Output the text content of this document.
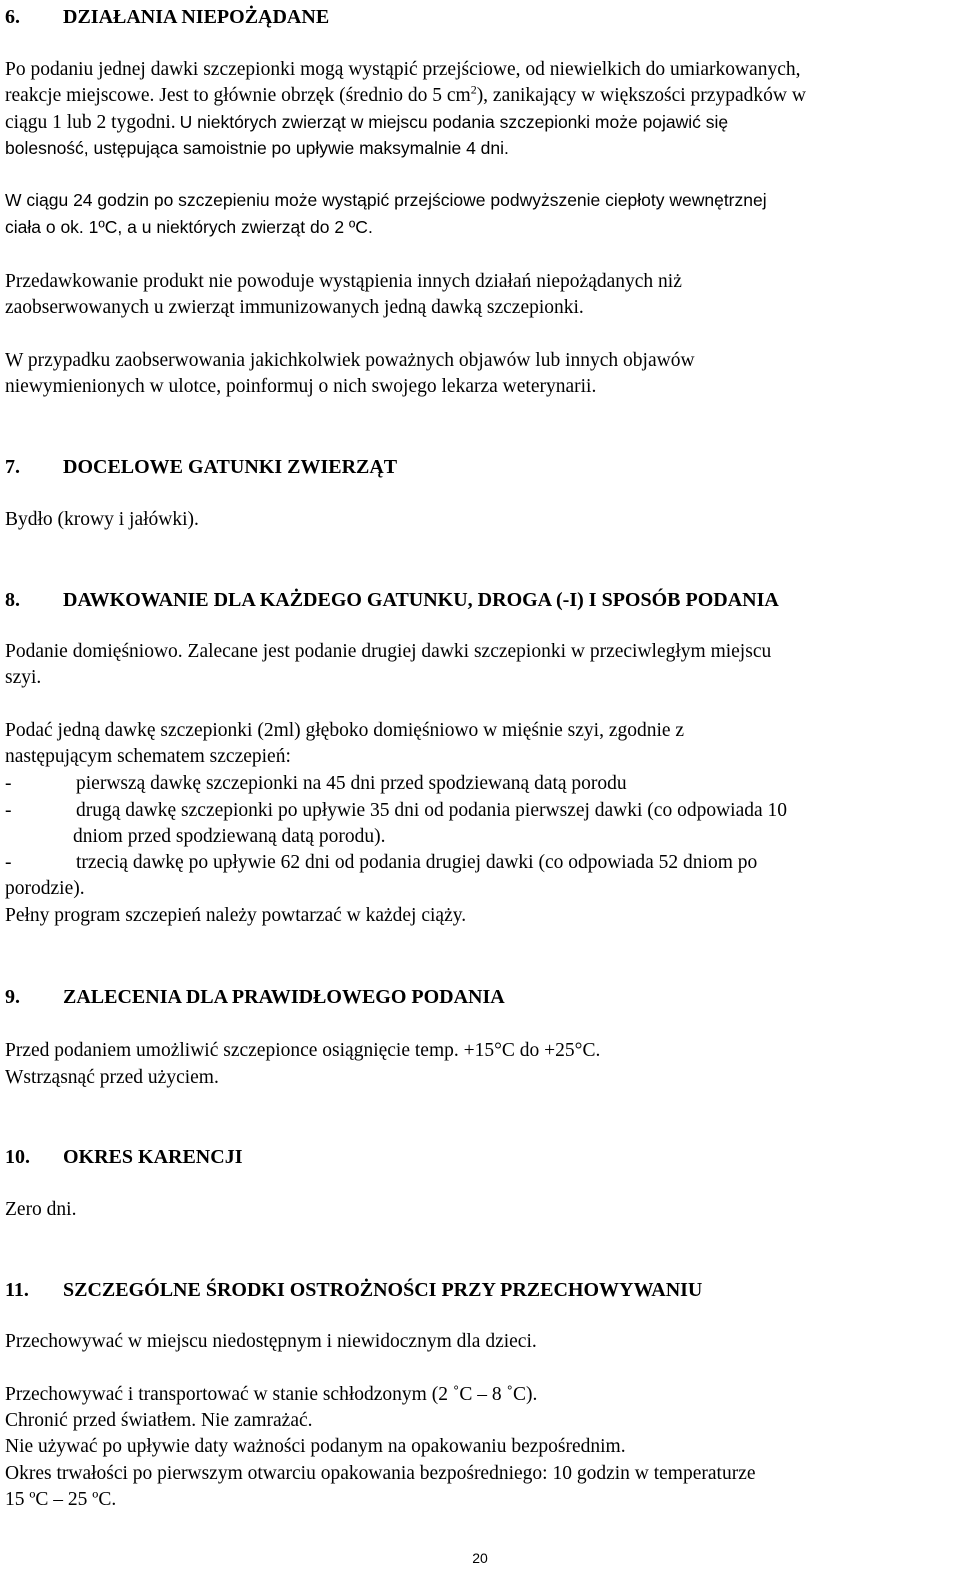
6. DZIAŁANIA NIEPOŻĄDANE
Po podaniu jednej dawki szczepionki mogą wystąpić przejściowe, od niewielkich do umiarkowanych,
reakcje miejscowe. Jest to głównie obrzęk (średnio do 5 $cm^2$), zanikający w większości przypadków w
ciągu 1 lub 2 tygodni. U niektórych zwierząt w miejscu podania szczepionki może pojawić się
bolesność, ustępująca samoistnie po upływie maksymalnie 4 dni.
W ciągu 24 godzin po szczepieniu może wystąpić przejściowe podwyższenie ciepłoty wewnętrznej
ciała o ok. 1ºC, a u niektórych zwierząt do 2 ºC.
Przedawkowanie produkt nie powoduje wystąpienia innych działań niepożądanych niż
zaobserwowanych u zwierząt immunizowanych jedną dawką szczepionki.
W przypadku zaobserwowania jakichkolwiek poważnych objawów lub innych objawów
niewymienionych w ulotce, poinformuj o nich swojego lekarza weterynarii.
7. DOCELOWE GATUNKI ZWIERZĄT
Bydło (krowy i jałówki).
8. DAWKOWANIE DLA KAŻDEGO GATUNKU, DROGA (-I) I SPOSÓB PODANIA
Podanie domięśniowo. Zalecane jest podanie drugiej dawki szczepionki w przeciwległym miejscu
szyi.
Podać jedną dawkę szczepionki (2ml) głęboko domięśniowo w mięśnie szyi, zgodnie z
następującym schematem szczepień:
-	pierwszą dawkę szczepionki na 45 dni przed spodziewaną datą porodu
-	drugą dawkę szczepionki po upływie 35 dni od podania pierwszej dawki (co odpowiada 10
dniom przed spodziewaną datą porodu).
-	trzecią dawkę po upływie 62 dni od podania drugiej dawki (co odpowiada 52 dniom po
porodzie).
Pełny program szczepień należy powtarzać w każdej ciąży.
9. ZALECENIA DLA PRAWIDŁOWEGO PODANIA
Przed podaniem umożliwić szczepionce osiągnięcie temp. +15°C do +25°C.
Wstrząsnąć przed użyciem.
10. OKRES KARENCJI
Zero dni.
11. SZCZEGÓLNE ŚRODKI OSTROŻNOŚCI PRZY PRZECHOWYWANIU
Przechowywać w miejscu niedostępnym i niewidocznym dla dzieci.
Przechowywać i transportować w stanie schłodzonym (2 ˚C – 8 ˚C).
Chronić przed światłem. Nie zamrażać.
Nie używać po upływie daty ważności podanym na opakowaniu bezpośrednim.
Okres trwałości po pierwszym otwarciu opakowania bezpośredniego: 10 godzin w temperaturze
15 ºC – 25 ºC.
20
